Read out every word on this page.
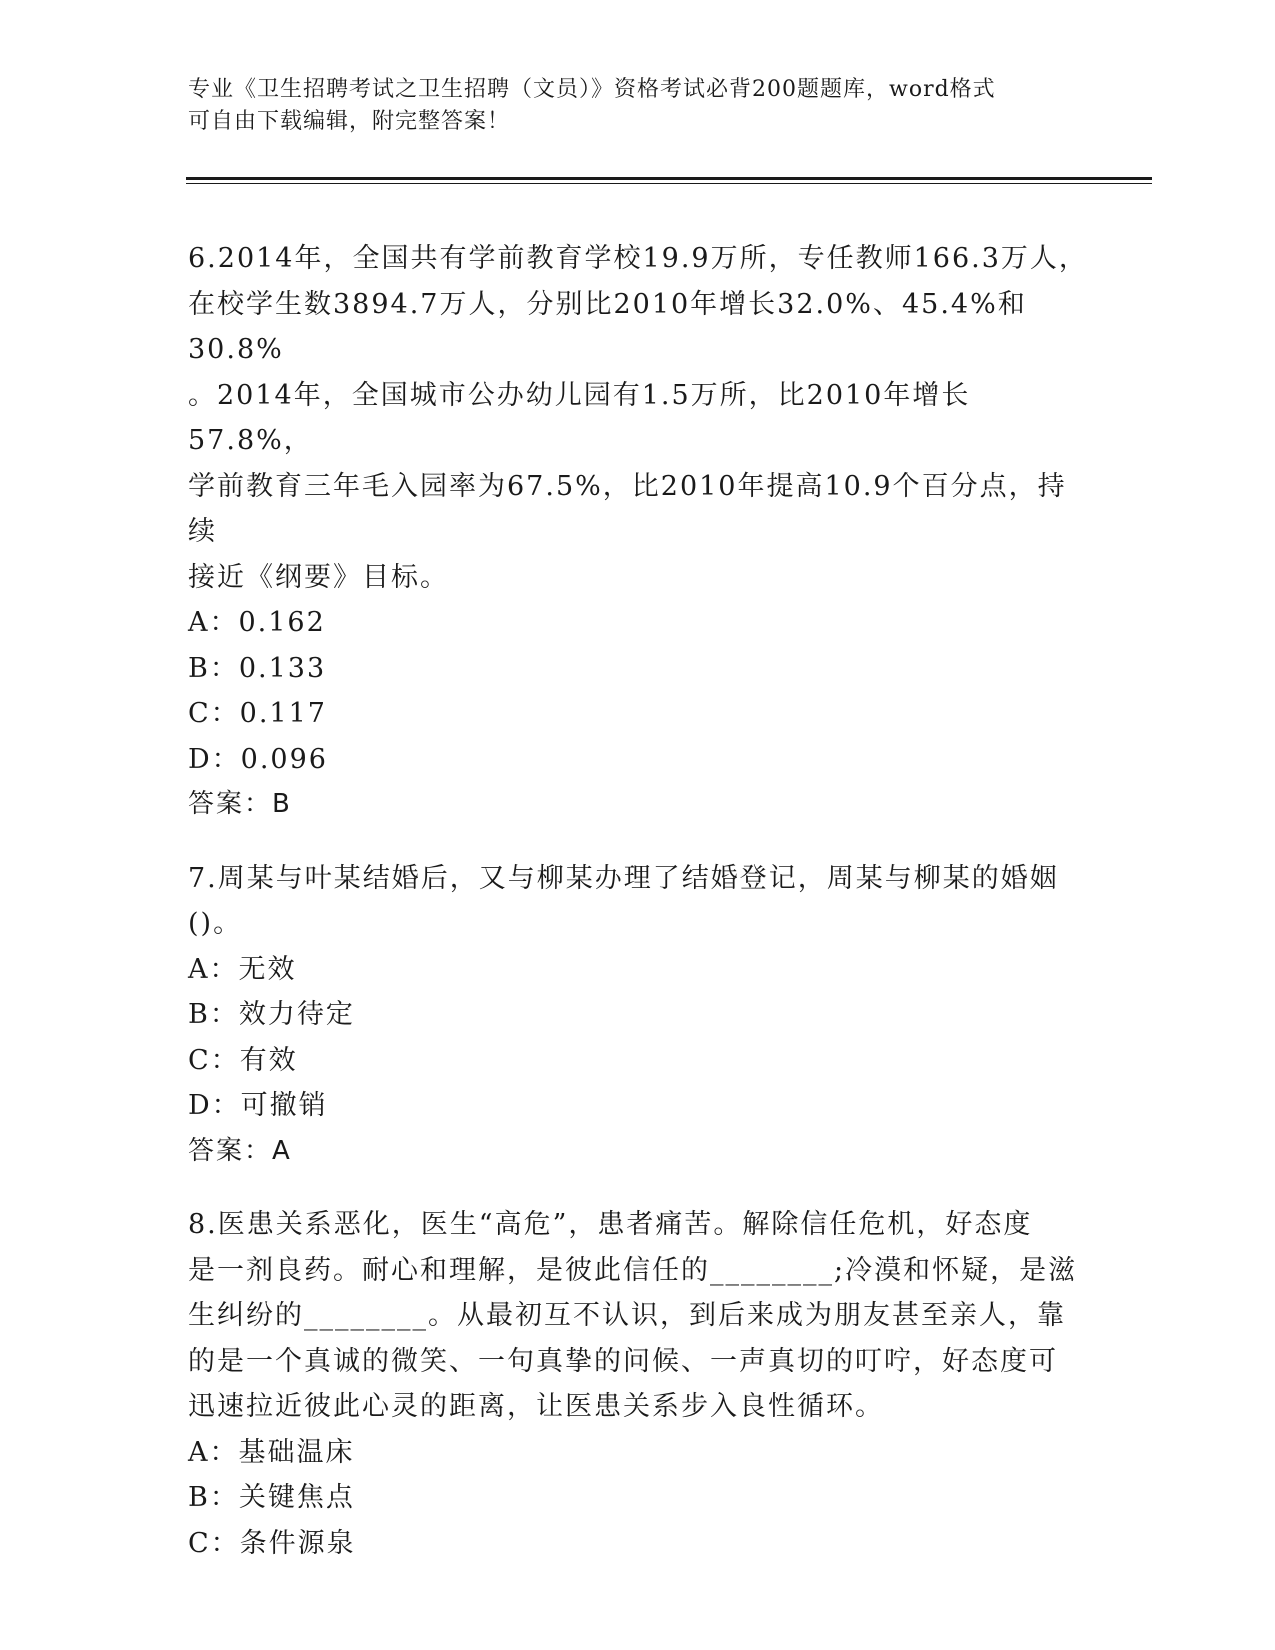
专业《卫生招聘考试之卫生招聘（文员）》资格考试必背200题题库，word格式
可自由下载编辑，附完整答案！

6.2014年，全国共有学前教育学校19.9万所，专任教师166.3万人，

在校学生数3894.7万人，分别比2010年增长32.0%、45.4%和30.8%

。2014年，全国城市公办幼儿园有1.5万所，比2010年增长57.8%，

学前教育三年毛入园率为67.5%，比2010年提高10.9个百分点，持续

接近《纲要》目标。

A：0.162

B：0.133

C：0.117

D：0.096

答案：B

7.周某与叶某结婚后，又与柳某办理了结婚登记，周某与柳某的婚姻

()。

A：无效

B：效力待定

C：有效

D：可撤销

答案：A

8.医患关系恶化，医生“高危”，患者痛苦。解除信任危机，好态度

是一剂良药。耐心和理解，是彼此信任的________;冷漠和怀疑，是滋

生纠纷的________。从最初互不认识，到后来成为朋友甚至亲人，靠

的是一个真诚的微笑、一句真挚的问候、一声真切的叮咛，好态度可

迅速拉近彼此心灵的距离，让医患关系步入良性循环。

A：基础温床

B：关键焦点

C：条件源泉
